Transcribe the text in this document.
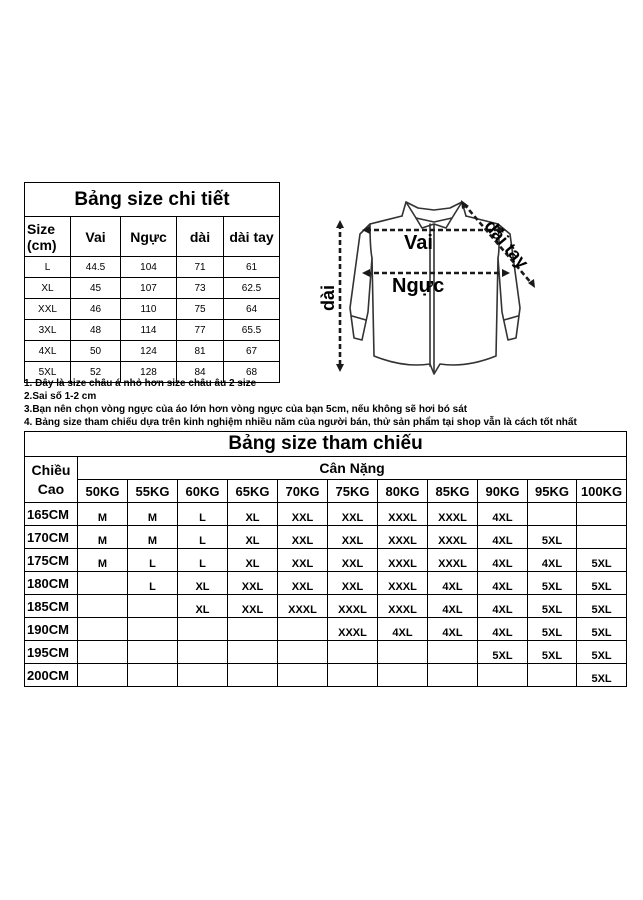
Bảng size chi tiết				
Size
(cm)	Vai	Ngực	dài	dài tay
L	44.5	104	71	61
XL	45	107	73	62.5
XXL	46	110	75	64
3XL	48	114	77	65.5
4XL	50	124	81	67
5XL	52	128	84	68
Vai
Ngực
dài
dài tay
1. Đây là size châu á nhỏ hơn size châu âu 2 size
2.Sai số 1-2 cm
3.Bạn nên chọn vòng ngực của áo lớn hơn vòng ngực của bạn 5cm, nếu không sẽ hơi bó sát
4. Bảng size tham chiếu dựa trên kinh nghiệm nhiều năm của người bán, thử sản phẩm tại shop vẫn là cách tốt nhất
Bảng size tham chiếu											
Chiều
Cao	Cân Nặng										
	50KG	55KG	60KG	65KG	70KG	75KG	80KG	85KG	90KG	95KG	100KG
165CM	M	M	L	XL	XXL	XXL	XXXL	XXXL	4XL		
170CM	M	M	L	XL	XXL	XXL	XXXL	XXXL	4XL	5XL	
175CM	M	L	L	XL	XXL	XXL	XXXL	XXXL	4XL	4XL	5XL
180CM		L	XL	XXL	XXL	XXL	XXXL	4XL	4XL	5XL	5XL
185CM			XL	XXL	XXXL	XXXL	XXXL	4XL	4XL	5XL	5XL
190CM						XXXL	4XL	4XL	4XL	5XL	5XL
195CM									5XL	5XL	5XL
200CM											5XL
